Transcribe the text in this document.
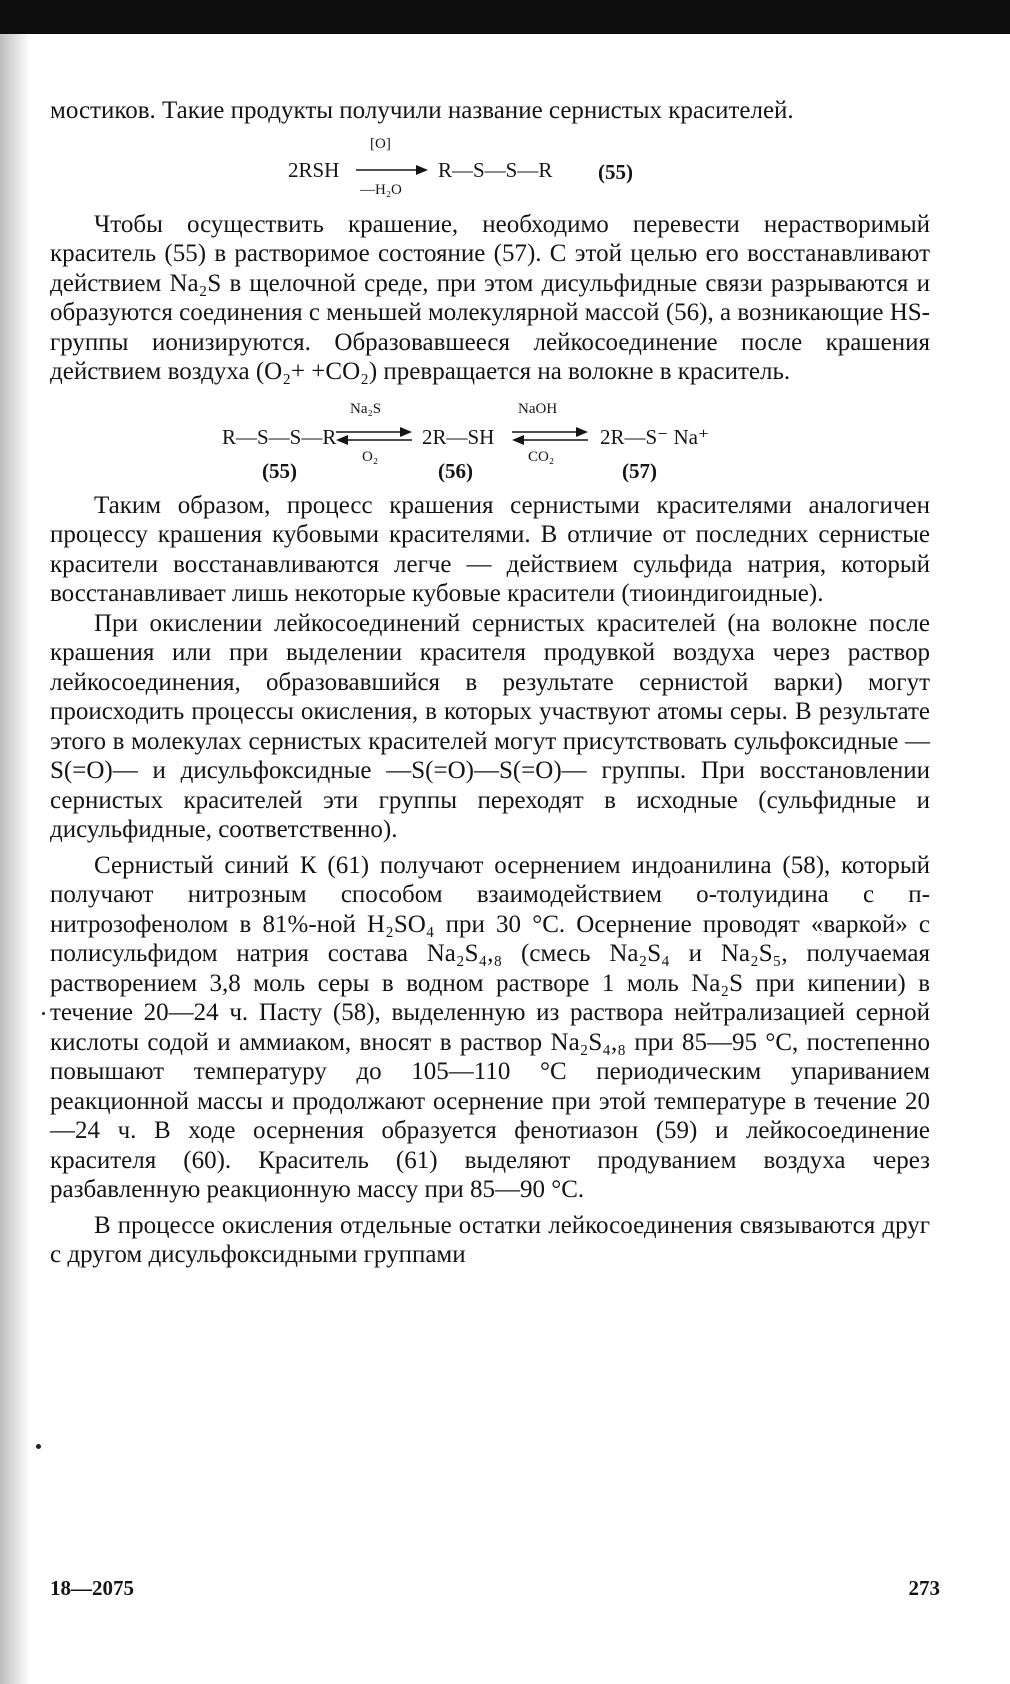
мостиков. Такие продукты получили название сернистых красителей.

2RSH
[O]
—H₂O
R—S—S—R (55)

Чтобы осуществить крашение, необходимо перевести нерастворимый краситель (55) в растворимое состояние (57). С этой целью его восстанавливают действием Na₂S в щелочной среде, при этом дисульфидные связи разрываются и образуются соединения с меньшей молекулярной массой (56), а возникающие HS-группы ионизируются. Образовавшееся лейкосоединение после крашения действием воздуха (O₂+ +CO₂) превращается на волокне в краситель.

R—S—S—R
Na₂S
O₂
2R—SH
NaOH
CO₂
2R—S⁻ Na⁺
(55)	(56)	(57)

Таким образом, процесс крашения сернистыми красителями аналогичен процессу крашения кубовыми красителями. В отличие от последних сернистые красители восстанавливаются легче — действием сульфида натрия, который восстанавливает лишь некоторые кубовые красители (тиоиндигоидные).

При окислении лейкосоединений сернистых красителей (на волокне после крашения или при выделении красителя продувкой воздуха через раствор лейкосоединения, образовавшийся в результате сернистой варки) могут происходить процессы окисления, в которых участвуют атомы серы. В результате этого в молекулах сернистых красителей могут присутствовать сульфоксидные —S(=O)— и дисульфоксидные —S(=O)—S(=O)— группы. При восстановлении сернистых красителей эти группы переходят в исходные (сульфидные и дисульфидные, соответственно).

Сернистый синий К (61) получают осернением индоанилина (58), который получают нитрозным способом взаимодействием о-толуидина с п-нитрозофенолом в 81%-ной H₂SO₄ при 30 °C. Осернение проводят «варкой» с полисульфидом натрия состава Na₂S₄,₈ (смесь Na₂S₄ и Na₂S₅, получаемая растворением 3,8 моль серы в водном растворе 1 моль Na₂S при кипении) в течение 20—24 ч. Пасту (58), выделенную из раствора нейтрализацией серной кислоты содой и аммиаком, вносят в раствор Na₂S₄,₈ при 85—95 °C, постепенно повышают температуру до 105—110 °C периодическим упариванием реакционной массы и продолжают осернение при этой температуре в течение 20—24 ч. В ходе осернения образуется фенотиазон (59) и лейкосоединение красителя (60). Краситель (61) выделяют продуванием воздуха через разбавленную реакционную массу при 85—90 °C.

В процессе окисления отдельные остатки лейкосоединения связываются друг с другом дисульфоксидными группами

18—2075	273
